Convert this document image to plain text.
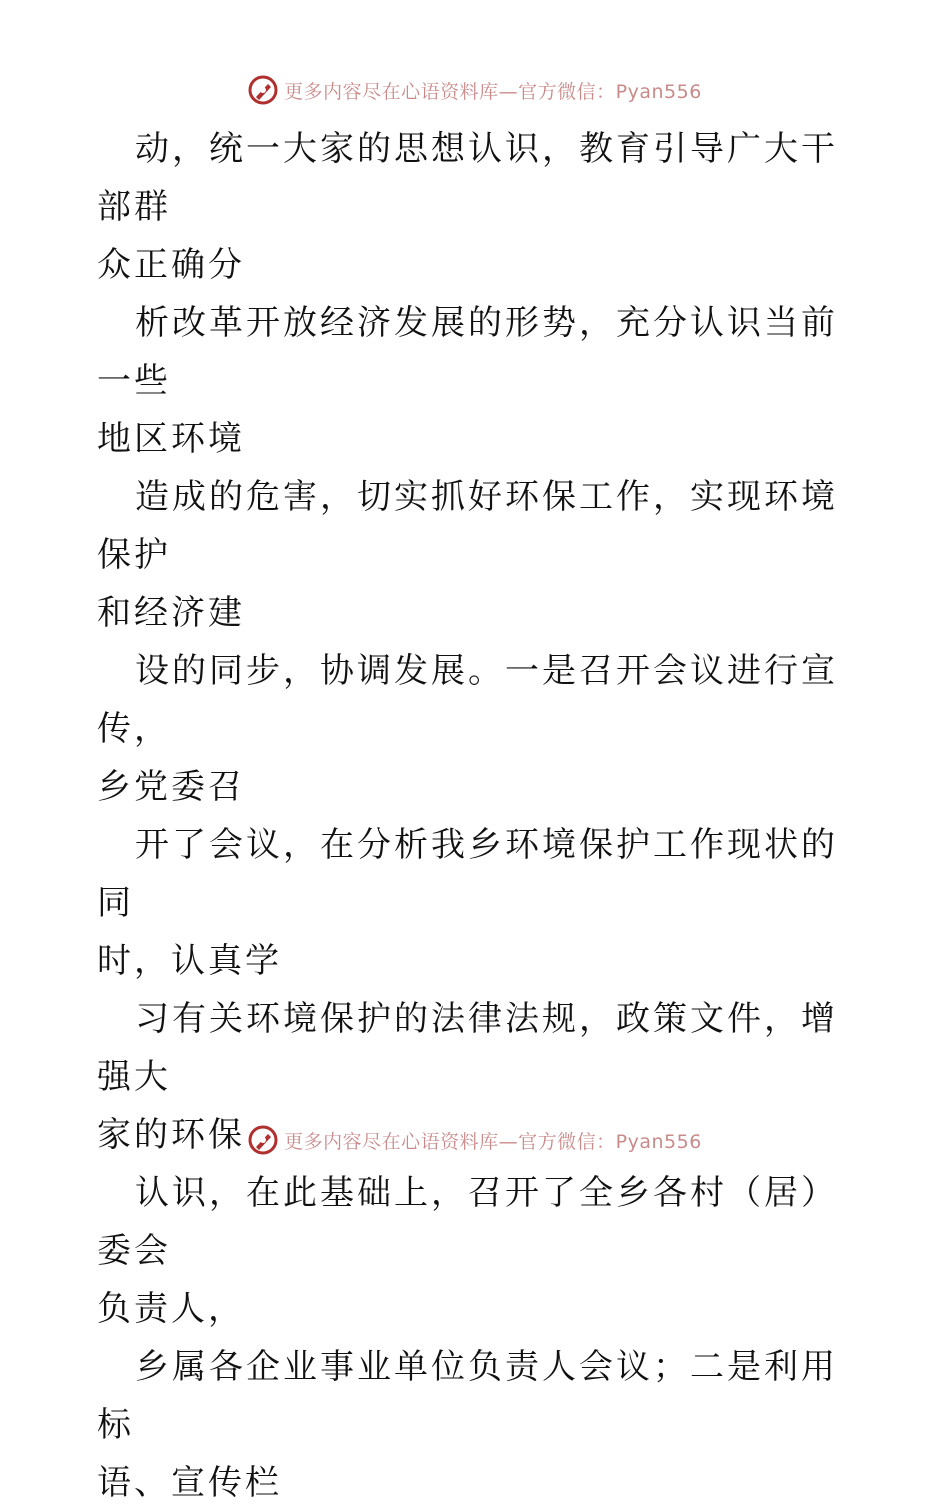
更多内容尽在心语资料库—官方微信：Pyan556

动，统一大家的思想认识，教育引导广大干部群
众正确分

析改革开放经济发展的形势，充分认识当前一些
地区环境

造成的危害，切实抓好环保工作，实现环境保护
和经济建

设的同步，协调发展。一是召开会议进行宣传，
乡党委召

开了会议，在分析我乡环境保护工作现状的同
时，认真学

习有关环境保护的法律法规，政策文件，增强大
家的环保

认识，在此基础上，召开了全乡各村（居）委会
负责人，

乡属各企业事业单位负责人会议；二是利用标
语、宣传栏

更多内容尽在心语资料库—官方微信：Pyan556
